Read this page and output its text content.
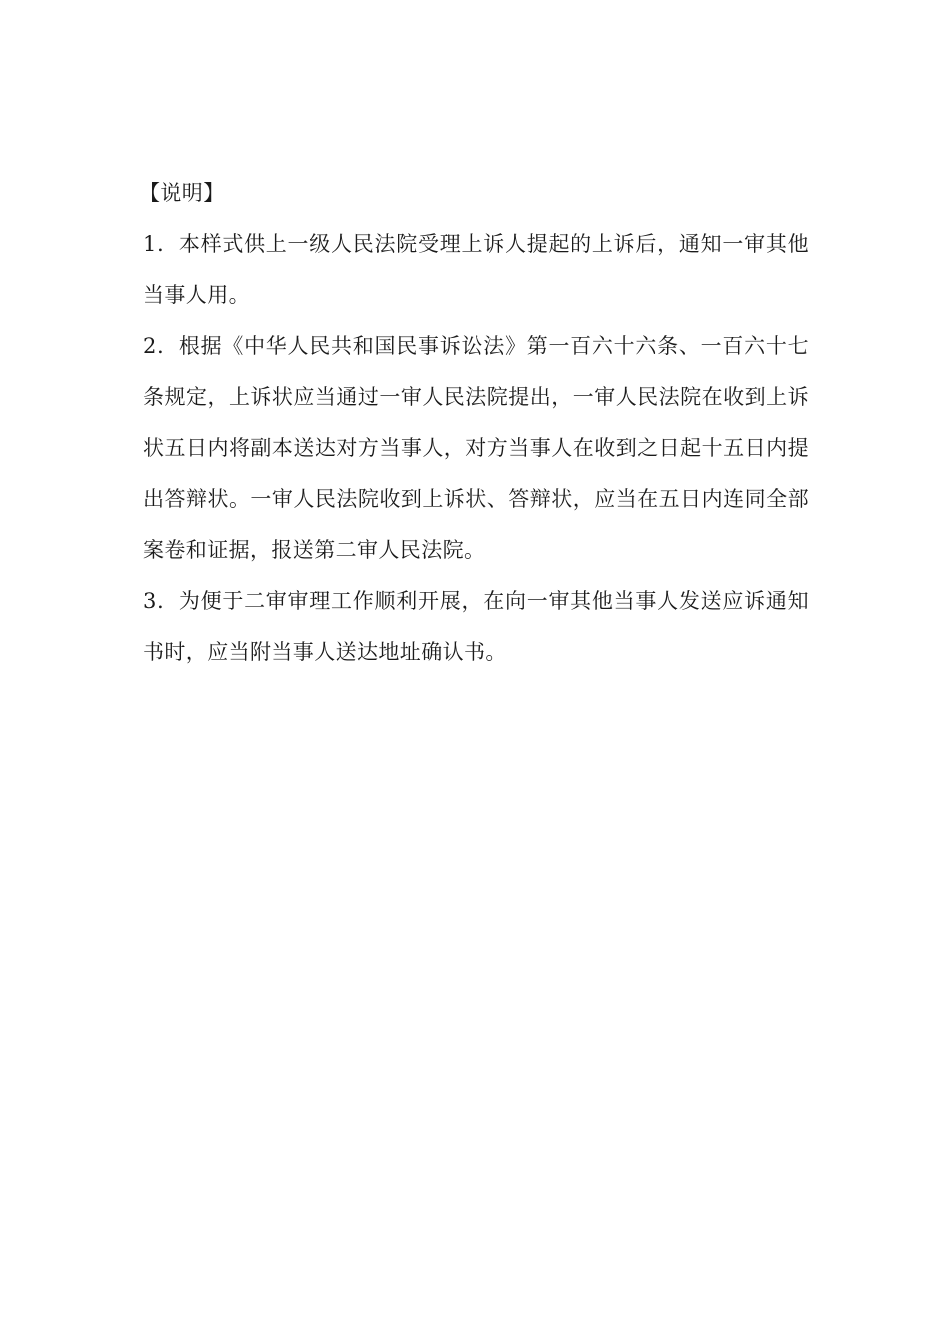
【说明】

1．本样式供上一级人民法院受理上诉人提起的上诉后，通知一审其他当事人用。

2．根据《中华人民共和国民事诉讼法》第一百六十六条、一百六十七条规定，上诉状应当通过一审人民法院提出，一审人民法院在收到上诉状五日内将副本送达对方当事人，对方当事人在收到之日起十五日内提出答辩状。一审人民法院收到上诉状、答辩状，应当在五日内连同全部案卷和证据，报送第二审人民法院。

3．为便于二审审理工作顺利开展，在向一审其他当事人发送应诉通知书时，应当附当事人送达地址确认书。
